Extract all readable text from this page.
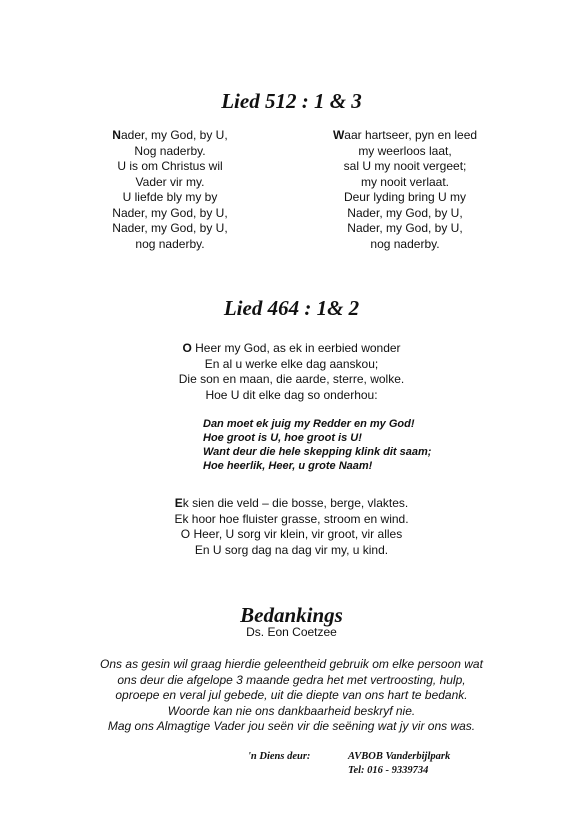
Lied 512 : 1 & 3
Nader, my God, by U,
Nog naderby.
U is om Christus wil
Vader vir my.
U liefde bly my by
Nader, my God, by U,
Nader, my God, by U,
nog naderby.
Waar hartseer, pyn en leed
my weerloos laat,
sal U my nooit vergeet;
my nooit verlaat.
Deur lyding bring U my
Nader, my God, by U,
Nader, my God, by U,
nog naderby.
Lied 464 : 1& 2
O Heer my God, as ek in eerbied wonder
En al u werke elke dag aanskou;
Die son en maan, die aarde, sterre, wolke.
Hoe U dit elke dag so onderhou:
Dan moet ek juig my Redder en my God!
Hoe groot is U, hoe groot is U!
Want deur die hele skepping klink dit saam;
Hoe heerlik, Heer, u grote Naam!
Ek sien die veld – die bosse, berge, vlaktes.
Ek hoor hoe fluister grasse, stroom en wind.
O Heer, U sorg vir klein, vir groot, vir alles
En U sorg dag na dag vir my, u kind.
Bedankings
Ds. Eon Coetzee
Ons as gesin wil graag hierdie geleentheid gebruik om elke persoon wat
ons deur die afgelope 3 maande gedra het met vertroosting, hulp,
oproepe en veral jul gebede, uit die diepte van ons hart te bedank.
Woorde kan nie ons dankbaarheid beskryf nie.
Mag ons Almagtige Vader jou seën vir die seëning wat jy vir ons was.
'n Diens deur:	AVBOB Vanderbijlpark
Tel: 016 - 9339734
